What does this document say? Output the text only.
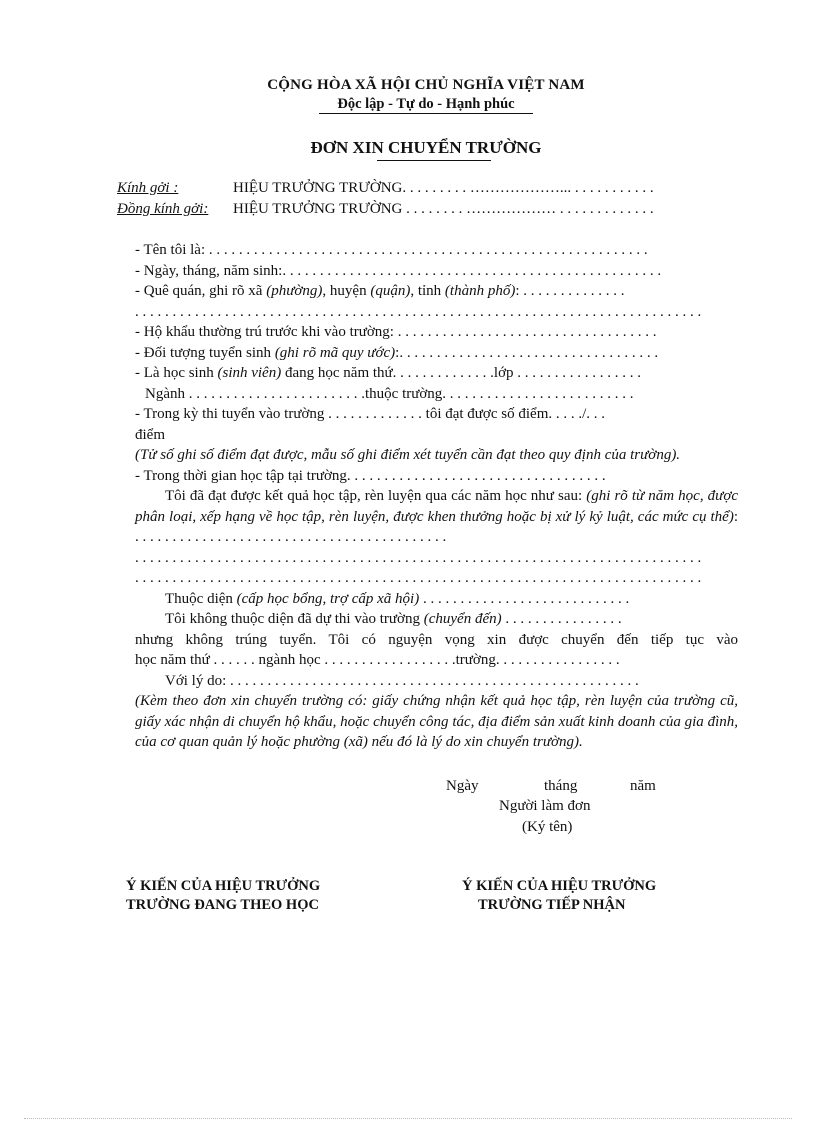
CỘNG HÒA XÃ HỘI CHỦ NGHĨA VIỆT NAM
Độc lập - Tự do - Hạnh phúc
ĐƠN XIN CHUYỂN TRƯỜNG
Kính gởi :	HIỆU TRƯỞNG TRƯỜNG. . . . . . . . . ………………... . . . . . . . . . . .
Đồng kính gởi: HIỆU TRƯỞNG TRƯỜNG . . . . . . . . ……………… . . . . . . . . . . . . .
- Tên tôi là: . . . . . . . . . . . . . . . . . . . . . . . . . . . . . . . . . . . . . . . . . . . . . . . . . . . . . . . . . . .
- Ngày, tháng, năm sinh:. . . . . . . . . . . . . . . . . . . . . . . . . . . . . . . . . . . . . . . . . . . . . . . . . . .
- Quê quán, ghi rõ xã (phường), huyện (quận), tỉnh (thành phố): . . . . . . . . . . . . . .
. . . . . . . . . . . . . . . . . . . . . . . . . . . . . . . . . . . . . . . . . . . . . . . . . . . . . . . . . . . . . . . . . . . . . . . . . . . .
- Hộ khẩu thường trú trước khi vào trường: . . . . . . . . . . . . . . . . . . . . . . . . . . . . . . . . . . .
- Đối tượng tuyển sinh (ghi rõ mã quy ước):. . . . . . . . . . . . . . . . . . . . . . . . . . . . . . . . . . .
- Là học sinh (sinh viên) đang học năm thứ. . . . . . . . . . . . . .lớp . . . . . . . . . . . . . . . . .
Ngành . . . . . . . . . . . . . . . . . . . . . . . .thuộc trường. . . . . . . . . . . . . . . . . . . . . . . . . .
- Trong kỳ thi tuyển vào trường . . . . . . . . . . . . . tôi đạt được số điểm. . . . ./. . .
điểm
(Tử số ghi số điểm đạt được, mẫu số ghi điểm xét tuyển cần đạt theo quy định của trường).
- Trong thời gian học tập tại trường. . . . . . . . . . . . . . . . . . . . . . . . . . . . . . . . . . .
Tôi đã đạt được kết quả học tập, rèn luyện qua các năm học như sau: (ghi rõ từ năm học, được phân loại, xếp hạng về học tập, rèn luyện, được khen thưởng hoặc bị xử lý kỷ luật, các mức cụ thể): . . . . . . . . . . . . . . . . . . . . . . . . . . . . . . . . . . . . . . . . . .
. . . . . . . . . . . . . . . . . . . . . . . . . . . . . . . . . . . . . . . . . . . . . . . . . . . . . . . . . . . . . . . . . . . . . . . . . . . .
. . . . . . . . . . . . . . . . . . . . . . . . . . . . . . . . . . . . . . . . . . . . . . . . . . . . . . . . . . . . . . . . . . . . . . . . . . . .
Thuộc diện (cấp học bổng, trợ cấp xã hội) . . . . . . . . . . . . . . . . . . . . . . . . . . . .
Tôi không thuộc diện đã dự thi vào trường (chuyển đến) . . . . . . . . . . . . . . . .
nhưng không trúng tuyển. Tôi có nguyện vọng xin được chuyển đến tiếp tục vào
học năm thứ . . . . . . ngành học . . . . . . . . . . . . . . . . . .trường. . . . . . . . . . . . . . . . .
Với lý do: . . . . . . . . . . . . . . . . . . . . . . . . . . . . . . . . . . . . . . . . . . . . . . . . . . . . . . .
(Kèm theo đơn xin chuyển trường có: giấy chứng nhận kết quả học tập, rèn luyện của trường cũ, giấy xác nhận di chuyển hộ khẩu, hoặc chuyển công tác, địa điểm sản xuất kinh doanh của gia đình, của cơ quan quản lý hoặc phường (xã) nếu đó là lý do xin chuyển trường).
Ngày	tháng	năm
Người làm đơn
(Ký tên)
Ý KIẾN CỦA HIỆU TRƯỞNG
TRƯỜNG ĐANG THEO HỌC
Ý KIẾN CỦA HIỆU TRƯỞNG
TRƯỜNG TIẾP NHẬN
